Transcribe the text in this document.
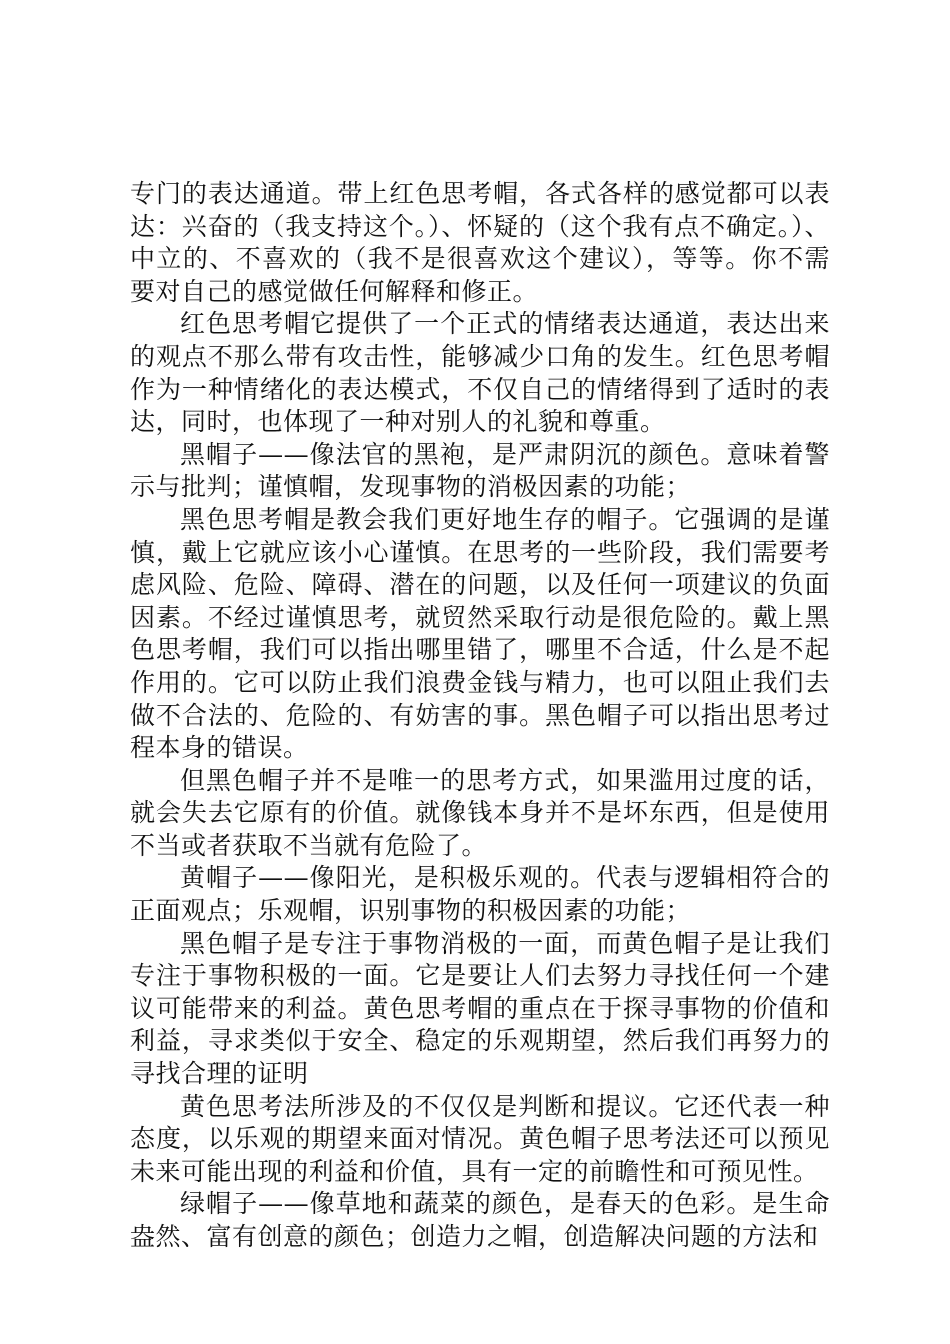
专门的表达通道。带上红色思考帽，各式各样的感觉都可以表达：兴奋的（我支持这个。）、怀疑的（这个我有点不确定。）、中立的、不喜欢的（我不是很喜欢这个建议），等等。你不需要对自己的感觉做任何解释和修正。

红色思考帽它提供了一个正式的情绪表达通道，表达出来的观点不那么带有攻击性，能够减少口角的发生。红色思考帽作为一种情绪化的表达模式，不仅自己的情绪得到了适时的表达，同时，也体现了一种对别人的礼貌和尊重。

黑帽子——像法官的黑袍，是严肃阴沉的颜色。意味着警示与批判；谨慎帽，发现事物的消极因素的功能；

黑色思考帽是教会我们更好地生存的帽子。它强调的是谨慎，戴上它就应该小心谨慎。在思考的一些阶段，我们需要考虑风险、危险、障碍、潜在的问题，以及任何一项建议的负面因素。不经过谨慎思考，就贸然采取行动是很危险的。戴上黑色思考帽，我们可以指出哪里错了，哪里不合适，什么是不起作用的。它可以防止我们浪费金钱与精力，也可以阻止我们去做不合法的、危险的、有妨害的事。黑色帽子可以指出思考过程本身的错误。

但黑色帽子并不是唯一的思考方式，如果滥用过度的话，就会失去它原有的价值。就像钱本身并不是坏东西，但是使用不当或者获取不当就有危险了。

黄帽子——像阳光，是积极乐观的。代表与逻辑相符合的正面观点；乐观帽，识别事物的积极因素的功能；

黑色帽子是专注于事物消极的一面，而黄色帽子是让我们专注于事物积极的一面。它是要让人们去努力寻找任何一个建议可能带来的利益。黄色思考帽的重点在于探寻事物的价值和利益，寻求类似于安全、稳定的乐观期望，然后我们再努力的寻找合理的证明

黄色思考法所涉及的不仅仅是判断和提议。它还代表一种态度，以乐观的期望来面对情况。黄色帽子思考法还可以预见未来可能出现的利益和价值，具有一定的前瞻性和可预见性。

绿帽子——像草地和蔬菜的颜色，是春天的色彩。是生命盎然、富有创意的颜色；创造力之帽，创造解决问题的方法和
